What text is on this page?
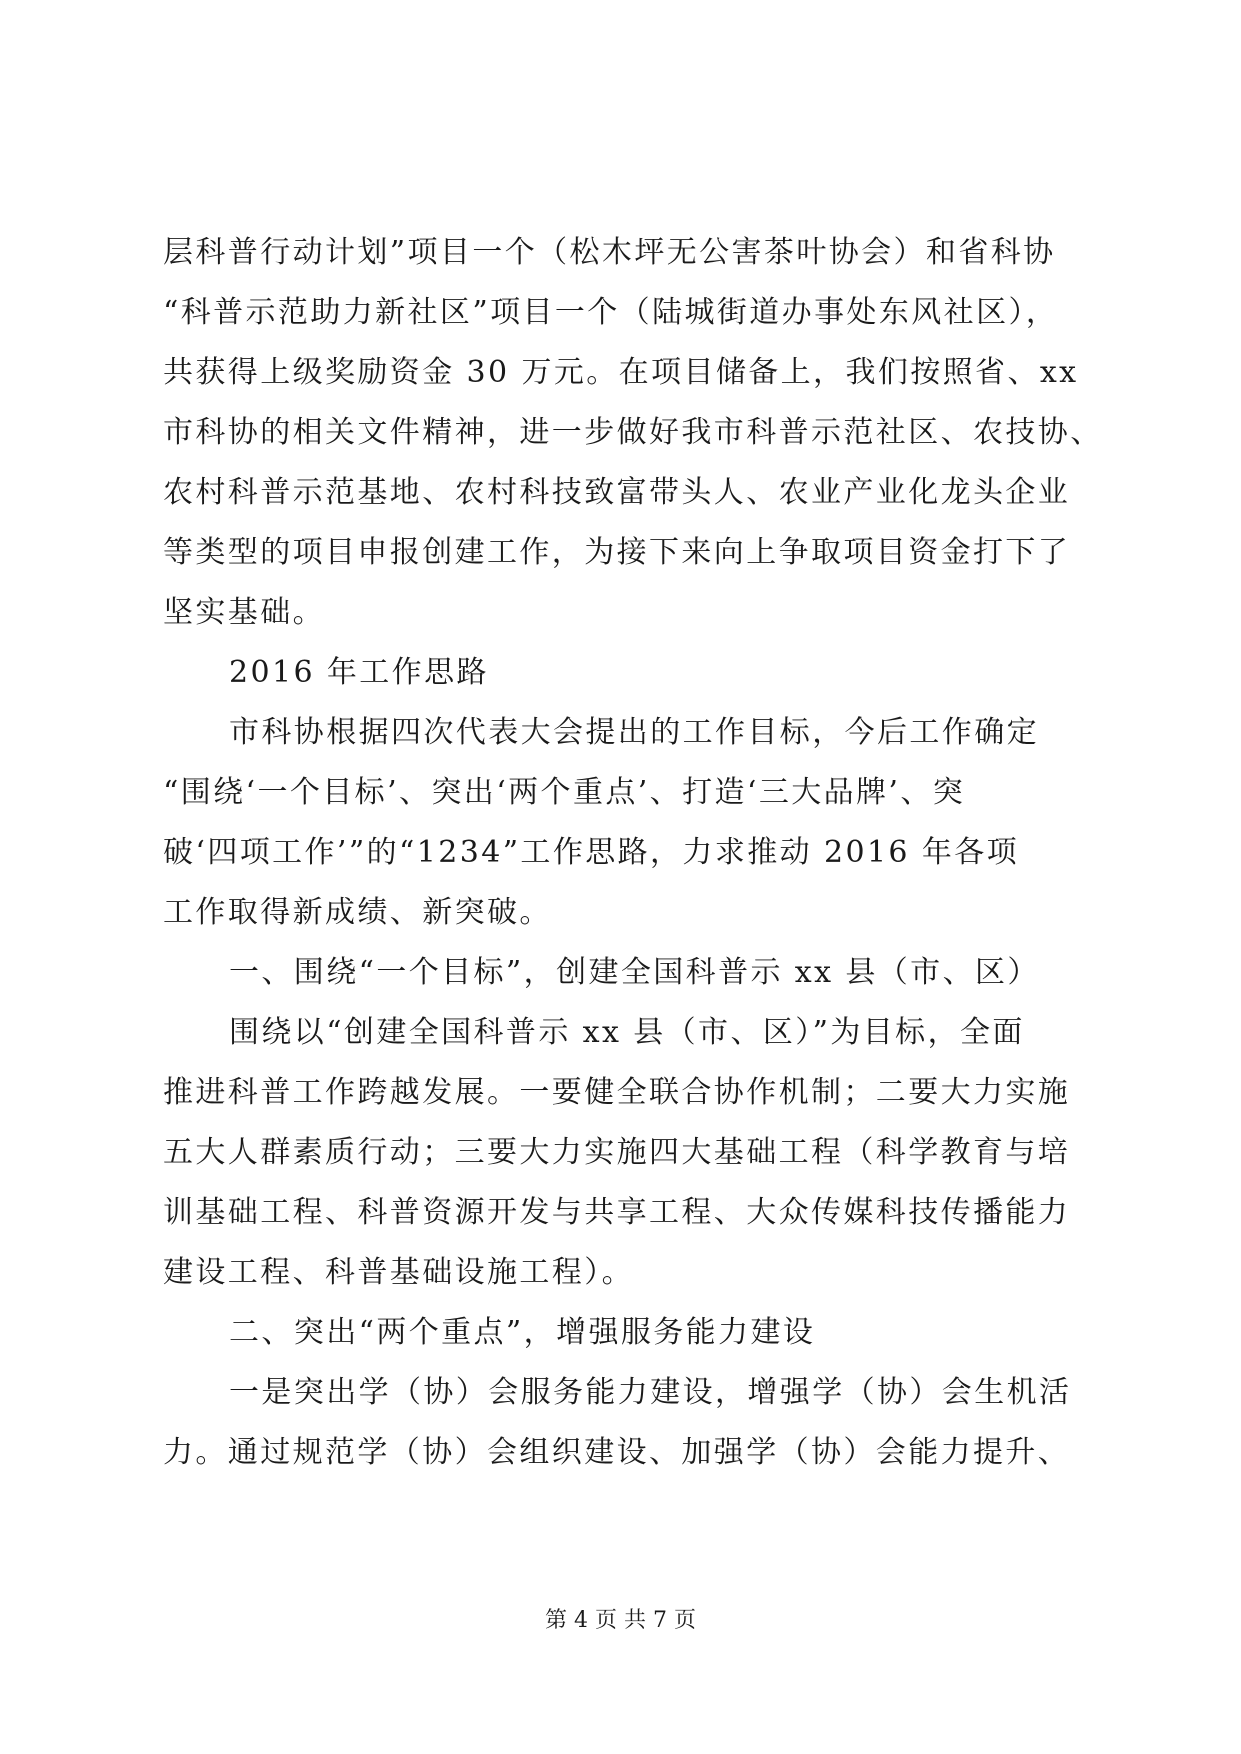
层科普行动计划”项目一个（松木坪无公害茶叶协会）和省科协
“科普示范助力新社区”项目一个（陆城街道办事处东风社区），
共获得上级奖励资金 30 万元。在项目储备上，我们按照省、xx
市科协的相关文件精神，进一步做好我市科普示范社区、农技协、
农村科普示范基地、农村科技致富带头人、农业产业化龙头企业
等类型的项目申报创建工作，为接下来向上争取项目资金打下了
坚实基础。
2016 年工作思路
市科协根据四次代表大会提出的工作目标，今后工作确定
“围绕‘一个目标’、突出‘两个重点’、打造‘三大品牌’、突
破‘四项工作’”的“1234”工作思路，力求推动 2016 年各项
工作取得新成绩、新突破。
一、围绕“一个目标”，创建全国科普示 xx 县（市、区）
围绕以“创建全国科普示 xx 县（市、区）”为目标，全面
推进科普工作跨越发展。一要健全联合协作机制；二要大力实施
五大人群素质行动；三要大力实施四大基础工程（科学教育与培
训基础工程、科普资源开发与共享工程、大众传媒科技传播能力
建设工程、科普基础设施工程）。
二、突出“两个重点”，增强服务能力建设
一是突出学（协）会服务能力建设，增强学（协）会生机活
力。通过规范学（协）会组织建设、加强学（协）会能力提升、
第 4 页 共 7 页
